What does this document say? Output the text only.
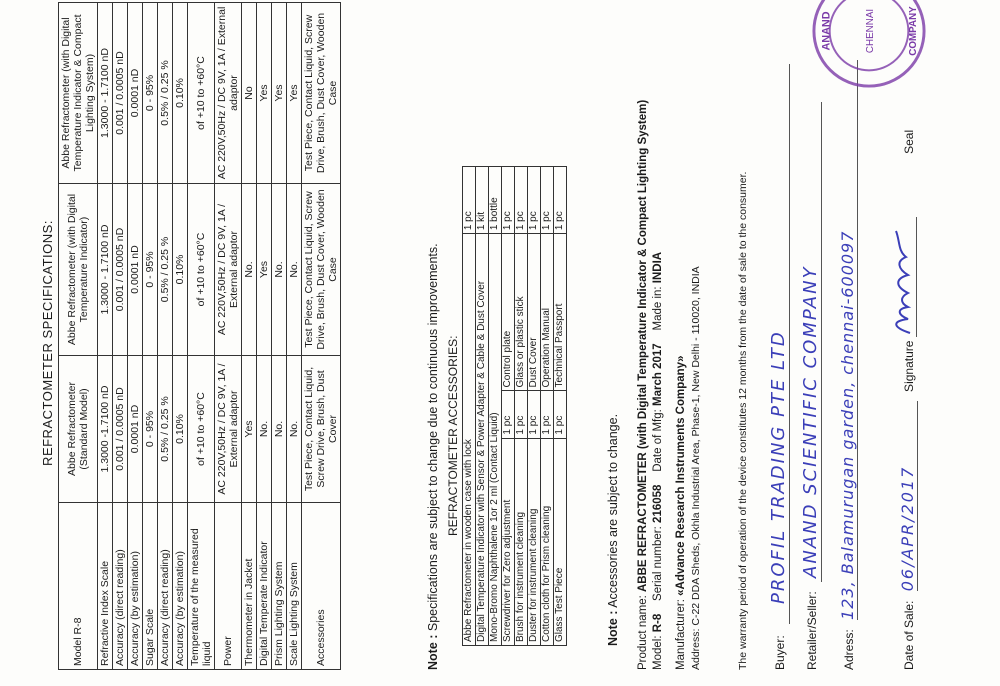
REFRACTOMETER SPECIFICATIONS:
Model R-8	Abbe Refractometer (Standard Model)	Abbe Refractometer (with Digital Temperature Indicator)	Abbe Refractometer (with Digital Temperature Indicator & Compact Lighting System)
Refractive Index Scale	1.3000 -1.7100 nD	1.3000 - 1.7100 nD	1.3000 - 1.7100 nD
Accuracy (direct reading)	0.001 / 0.0005 nD	0.001 / 0.0005 nD	0.001 / 0.0005 nD
Accuracy (by estimation)	0.0001 nD	0.0001 nD	0.0001 nD
Sugar Scale	0 - 95%	0 - 95%	0 - 95%
Accuracy (direct reading)	0.5% / 0.25 %	0.5% / 0.25 %	0.5% / 0.25 %
Accuracy (by estimation)	0.10%	0.10%	0.10%
Temperature of the measured liquid	of +10 to +60°C	of +10 to +60°C	of +10 to +60°C
Power	AC 220V,50Hz / DC 9V, 1A / External adaptor	AC 220V,50Hz / DC 9V, 1A / External adaptor	AC 220V,50Hz / DC 9V, 1A / External adaptor
Thermometer in Jacket	Yes	No.	No
Digital Temperate Indicator	No.	Yes	Yes
Prism Lighting System	No.	No.	Yes
Scale Lighting System	No.	No.	Yes
Accessories	Test Piece, Contact Liquid, Screw Drive, Brush, Dust Cover	Test Piece, Contact Liquid, Screw Drive, Brush, Dust Cover, Wooden Case	Test Piece, Contact Liquid, Screw Drive, Brush, Dust Cover, Wooden Case
Note : Specifications are subject to change due to continuous improvements. REFRACTOMETER ACCESSORIES:
Abbe Refractometer in wooden case with lock			1 pc
Digital Temperature Indicator with Sensor & Power Adapter & Cable & Dust Cover			1 kit
Mono-Bromo Naphthalene 1or 2 ml (Contact Liquid)			1 bottle
Screwdriver for Zero adjustment	1 pc	Control plate	1 pc
Brush for instrument cleaning	1 pc	Glass or plastic stick	1 pc
Duster for instrument cleaning	1 pc	Dust Cover	1 pc
Cotton cloth for Prism cleaning	1 pc	Operation Manual	1 pc
Glass Test Piece	1 pc	Technical Passport	1 pc
Note : Accessories are subject to change.
Product name: ABBE REFRACTOMETER (with Digital Temperature Indicator & Compact Lighting System)
Model: R-8    Serial number: 216058    Date of Mfg: March 2017    Made in: INDIA
Manufacturer: «Advance Research Instruments Company»
Address: C-22 DDA Sheds, Okhla Industrial Area, Phase-1, New Delhi - 110020, INDIA	The warranty period of operation of the device constitutes 12 months from the date of sale to the consumer.	Buyer: PROFIL TRADING PTE LTD
Retailer/Seller: ANAND SCIENTIFIC COMPANY
Adress: 123, Balamurugan garden, chennai-600097
Date of Sale: 06/APR/2017 Signature  Seal
ANAND	COMPANY
CHENNAI
